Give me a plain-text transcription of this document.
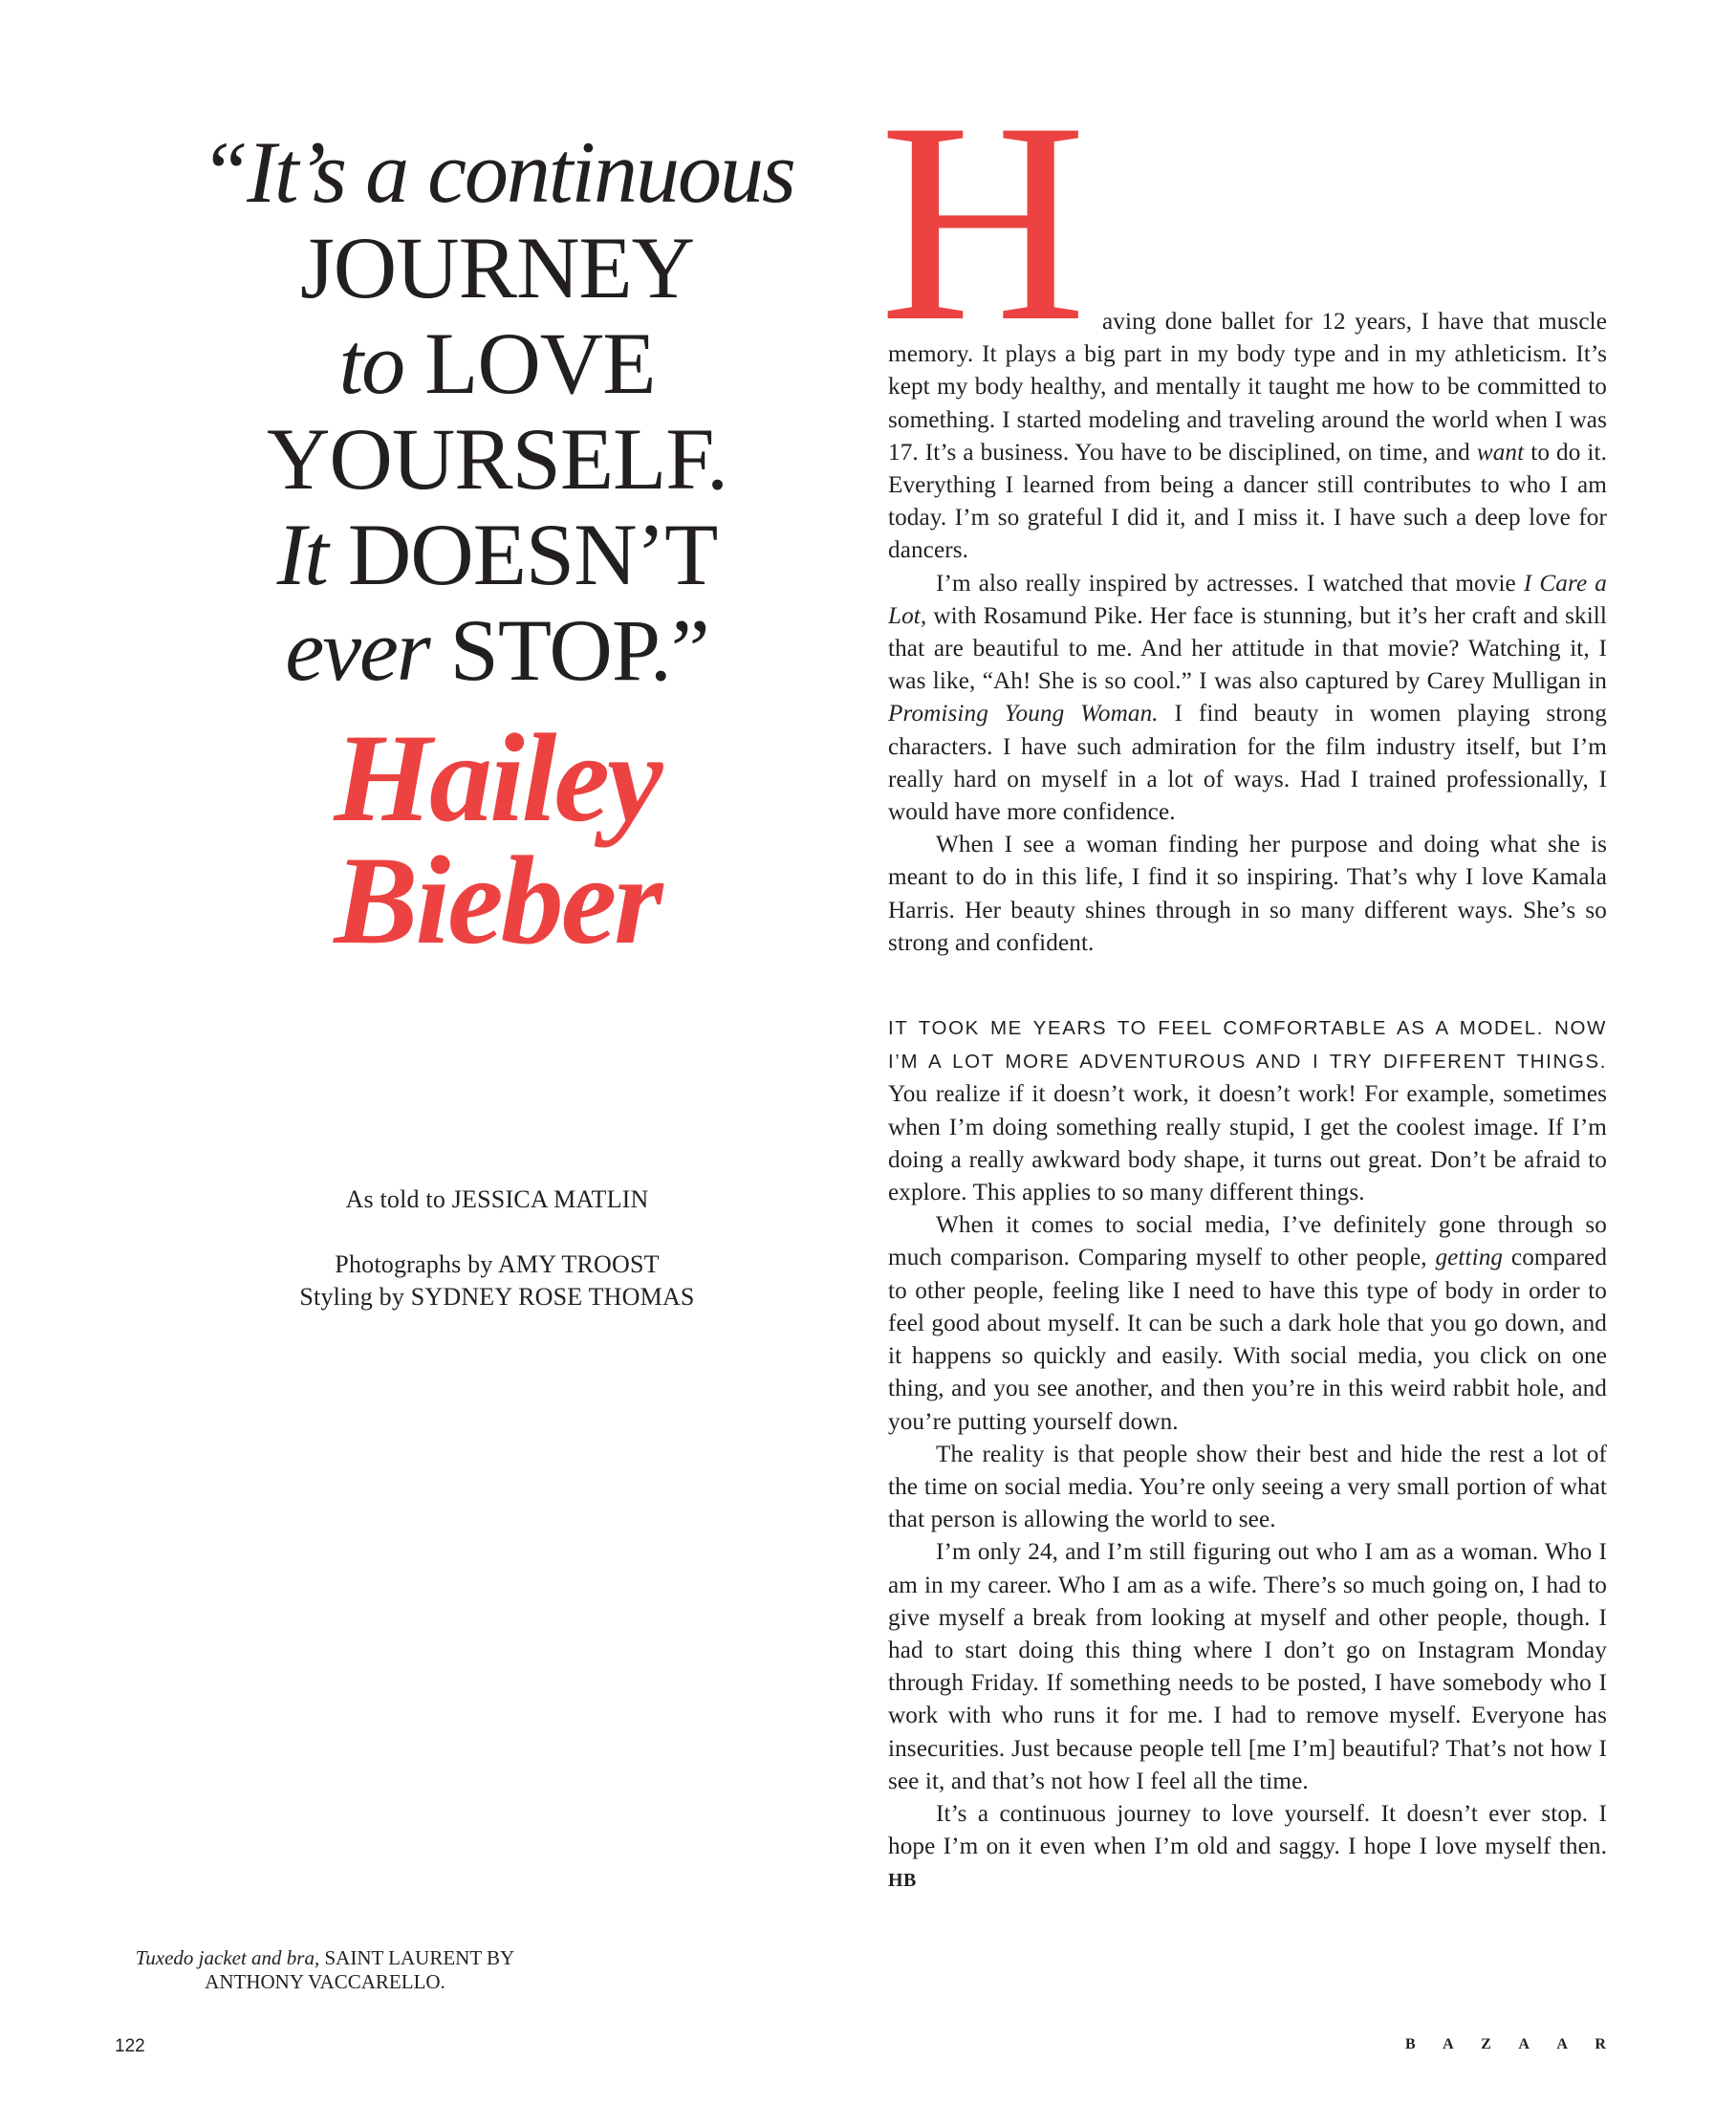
“It’s a continuous
JOURNEY
to LOVE
YOURSELF.
It DOESN’T
ever STOP.”
Hailey
Bieber

As told to JESSICA MATLIN

Photographs by AMY TROOST

Styling by SYDNEY ROSE THOMAS

Tuxedo jacket and bra, SAINT LAURENT BY

ANTHONY VACCARELLO.

122	B A Z A A R
H aving done ballet for 12 years, I have that muscle memory. It plays a big part in my body type and in my athleticism. It’s kept my body healthy, and mentally it taught me how to be committed to something. I started modeling and traveling around the world when I was 17. It’s a business. You have to be disciplined, on time, and want to do it. Everything I learned from being a dancer still contributes to who I am today. I’m so grateful I did it, and I miss it. I have such a deep love for dancers.

I’m also really inspired by actresses. I watched that movie I Care a Lot, with Rosamund Pike. Her face is stunning, but it’s her craft and skill that are beautiful to me. And her attitude in that movie? Watching it, I was like, “Ah! She is so cool.” I was also captured by Carey Mulligan in Promising Young Woman. I find beauty in women playing strong characters. I have such admiration for the film industry itself, but I’m really hard on myself in a lot of ways. Had I trained professionally, I would have more confidence.

When I see a woman finding her purpose and doing what she is meant to do in this life, I find it so inspiring. That’s why I love Kamala Harris. Her beauty shines through in so many different ways. She’s so strong and confident.

IT TOOK ME YEARS TO FEEL COMFORTABLE AS A MODEL. NOW I’M A LOT MORE ADVENTUROUS AND I TRY DIFFERENT THINGS. You realize if it doesn’t work, it doesn’t work! For example, sometimes when I’m doing something really stupid, I get the coolest image. If I’m doing a really awkward body shape, it turns out great. Don’t be afraid to explore. This applies to so many different things.

When it comes to social media, I’ve definitely gone through so much comparison. Comparing myself to other people, getting compared to other people, feeling like I need to have this type of body in order to feel good about myself. It can be such a dark hole that you go down, and it happens so quickly and easily. With social media, you click on one thing, and you see another, and then you’re in this weird rabbit hole, and you’re putting yourself down.

The reality is that people show their best and hide the rest a lot of the time on social media. You’re only seeing a very small portion of what that person is allowing the world to see.

I’m only 24, and I’m still figuring out who I am as a woman. Who I am in my career. Who I am as a wife. There’s so much going on, I had to give myself a break from looking at myself and other people, though. I had to start doing this thing where I don’t go on Instagram Monday through Friday. If something needs to be posted, I have somebody who I work with who runs it for me. I had to remove myself. Everyone has insecurities. Just because people tell [me I’m] beautiful? That’s not how I see it, and that’s not how I feel all the time.

It’s a continuous journey to love yourself. It doesn’t ever stop. I hope I’m on it even when I’m old and saggy. I hope I love myself then. HB
